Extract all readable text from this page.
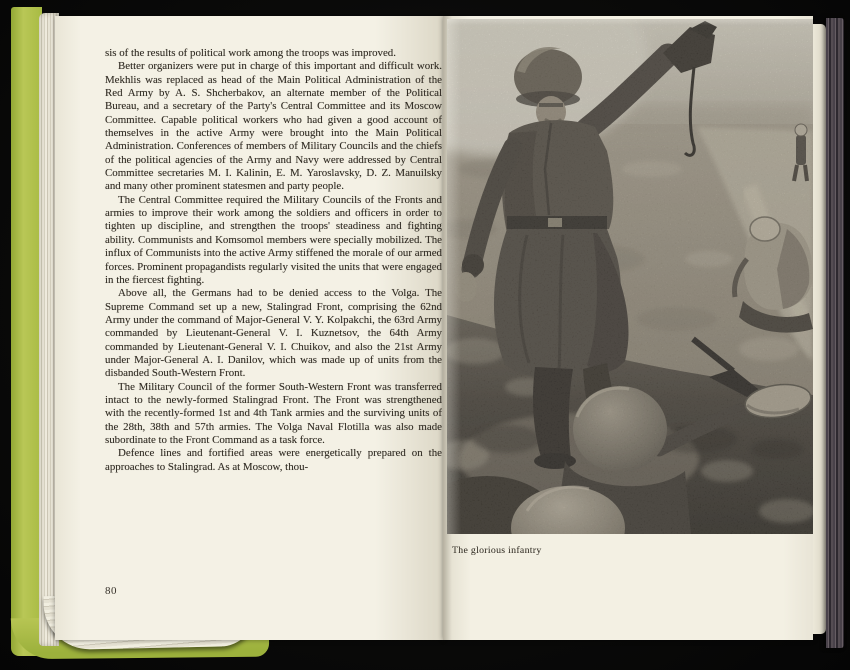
sis of the results of political work among the troops was improved.

Better organizers were put in charge of this important and difficult work. Mekhlis was replaced as head of the Main Political Administration of the Red Army by A. S. Shcherbakov, an alternate member of the Political Bureau, and a secretary of the Party's Central Committee and its Moscow Committee. Capable political workers who had given a good account of themselves in the active Army were brought into the Main Political Administration. Conferences of members of Military Councils and the chiefs of the political agencies of the Army and Navy were addressed by Central Committee secretaries M. I. Kalinin, E. M. Yaroslavsky, D. Z. Manuilsky and many other prominent statesmen and party people.

The Central Committee required the Military Councils of the Fronts and armies to improve their work among the soldiers and officers in order to tighten up discipline, and strengthen the troops' steadiness and fighting ability. Communists and Komsomol members were specially mobilized. The influx of Communists into the active Army stiffened the morale of our armed forces. Prominent propagandists regularly visited the units that were engaged in the fiercest fighting.

Above all, the Germans had to be denied access to the Volga. The Supreme Command set up a new, Stalingrad Front, comprising the 62nd Army under the command of Major-General V. Y. Kolpakchi, the 63rd Army commanded by Lieutenant-General V. I. Kuznetsov, the 64th Army commanded by Lieutenant-General V. I. Chuikov, and also the 21st Army under Major-General A. I. Danilov, which was made up of units from the disbanded South-Western Front.

The Military Council of the former South-Western Front was transferred intact to the newly-formed Stalingrad Front. The Front was strengthened with the recently-formed 1st and 4th Tank armies and the surviving units of the 28th, 38th and 57th armies. The Volga Naval Flotilla was also made subordinate to the Front Command as a task force.

Defence lines and fortified areas were energetically prepared on the approaches to Stalingrad. As at Moscow, thou-

80
The glorious infantry
